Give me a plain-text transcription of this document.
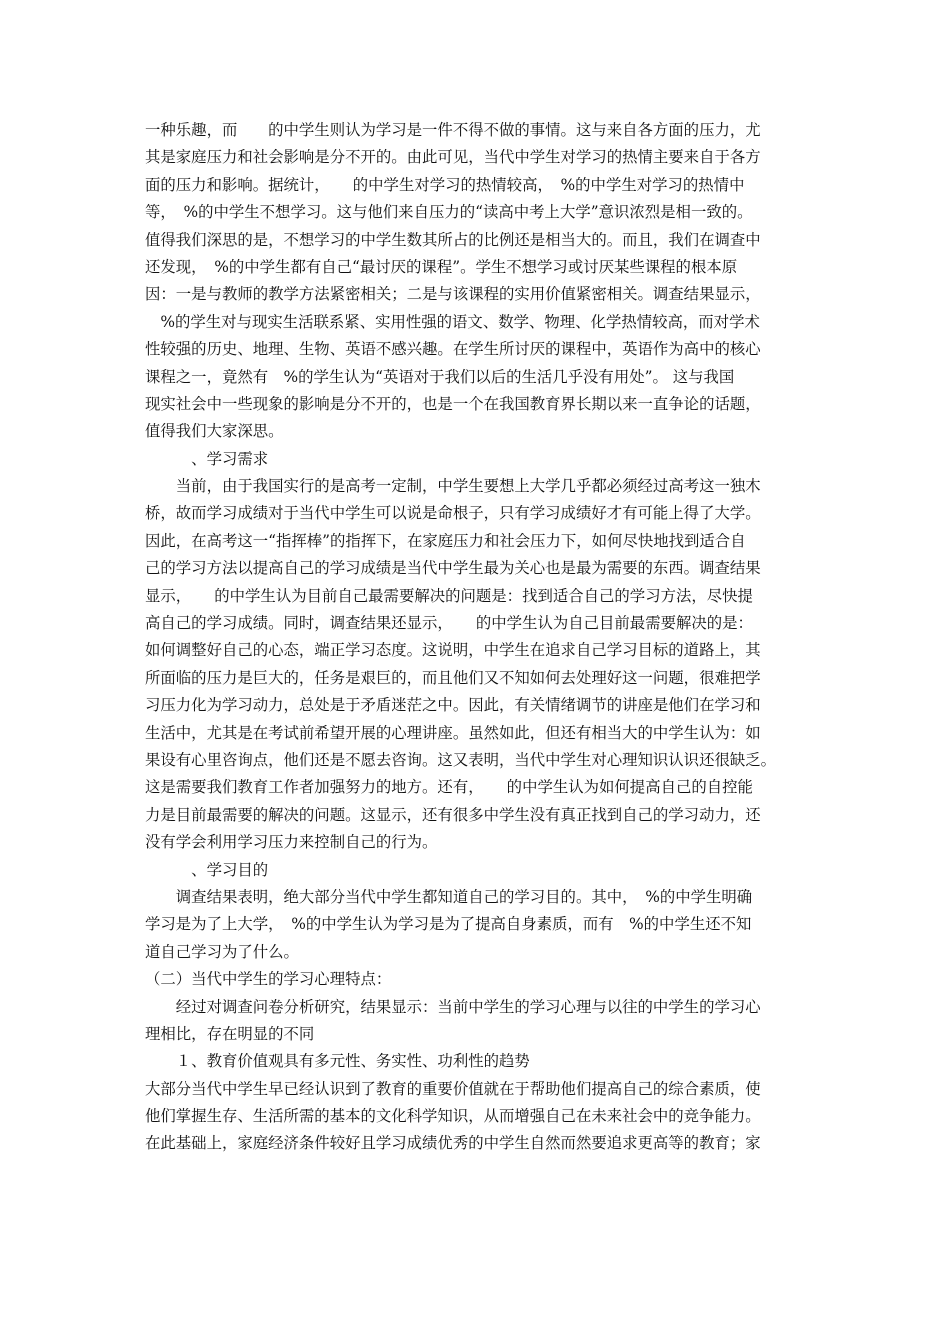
一种乐趣，而　　的中学生则认为学习是一件不得不做的事情。这与来自各方面的压力，尤
其是家庭压力和社会影响是分不开的。由此可见，当代中学生对学习的热情主要来自于各方
面的压力和影响。据统计，　　的中学生对学习的热情较高，　%的中学生对学习的热情中
等，　%的中学生不想学习。这与他们来自压力的“读高中考上大学”意识浓烈是相一致的。
值得我们深思的是，不想学习的中学生数其所占的比例还是相当大的。而且，我们在调查中
还发现，　%的中学生都有自己“最讨厌的课程”。学生不想学习或讨厌某些课程的根本原
因：一是与教师的教学方法紧密相关；二是与该课程的实用价值紧密相关。调查结果显示，
　%的学生对与现实生活联系紧、实用性强的语文、数学、物理、化学热情较高，而对学术
性较强的历史、地理、生物、英语不感兴趣。在学生所讨厌的课程中，英语作为高中的核心
课程之一，竟然有　%的学生认为“英语对于我们以后的生活几乎没有用处”。 这与我国
现实社会中一些现象的影响是分不开的，也是一个在我国教育界长期以来一直争论的话题，
值得我们大家深思。
　　　、学习需求
　　当前，由于我国实行的是高考一定制，中学生要想上大学几乎都必须经过高考这一独木
桥，故而学习成绩对于当代中学生可以说是命根子，只有学习成绩好才有可能上得了大学。
因此，在高考这一“指挥棒”的指挥下，在家庭压力和社会压力下，如何尽快地找到适合自
己的学习方法以提高自己的学习成绩是当代中学生最为关心也是最为需要的东西。调查结果
显示，　　的中学生认为目前自己最需要解决的问题是：找到适合自己的学习方法，尽快提
高自己的学习成绩。同时，调查结果还显示，　　的中学生认为自己目前最需要解决的是：
如何调整好自己的心态，端正学习态度。这说明，中学生在追求自己学习目标的道路上，其
所面临的压力是巨大的，任务是艰巨的，而且他们又不知如何去处理好这一问题，很难把学
习压力化为学习动力，总处是于矛盾迷茫之中。因此，有关情绪调节的讲座是他们在学习和
生活中，尤其是在考试前希望开展的心理讲座。虽然如此，但还有相当大的中学生认为：如
果设有心里咨询点，他们还是不愿去咨询。这又表明，当代中学生对心理知识认识还很缺乏。
这是需要我们教育工作者加强努力的地方。还有，　　的中学生认为如何提高自己的自控能
力是目前最需要的解决的问题。这显示，还有很多中学生没有真正找到自己的学习动力，还
没有学会利用学习压力来控制自己的行为。
　　　、学习目的
　　调查结果表明，绝大部分当代中学生都知道自己的学习目的。其中，　%的中学生明确
学习是为了上大学，　%的中学生认为学习是为了提高自身素质，而有　%的中学生还不知
道自己学习为了什么。
（二）当代中学生的学习心理特点：
　　经过对调查问卷分析研究，结果显示：当前中学生的学习心理与以往的中学生的学习心
理相比，存在明显的不同
　　１、教育价值观具有多元性、务实性、功利性的趋势
大部分当代中学生早已经认识到了教育的重要价值就在于帮助他们提高自己的综合素质，使
他们掌握生存、生活所需的基本的文化科学知识，从而增强自己在未来社会中的竞争能力。
在此基础上，家庭经济条件较好且学习成绩优秀的中学生自然而然要追求更高等的教育；家
